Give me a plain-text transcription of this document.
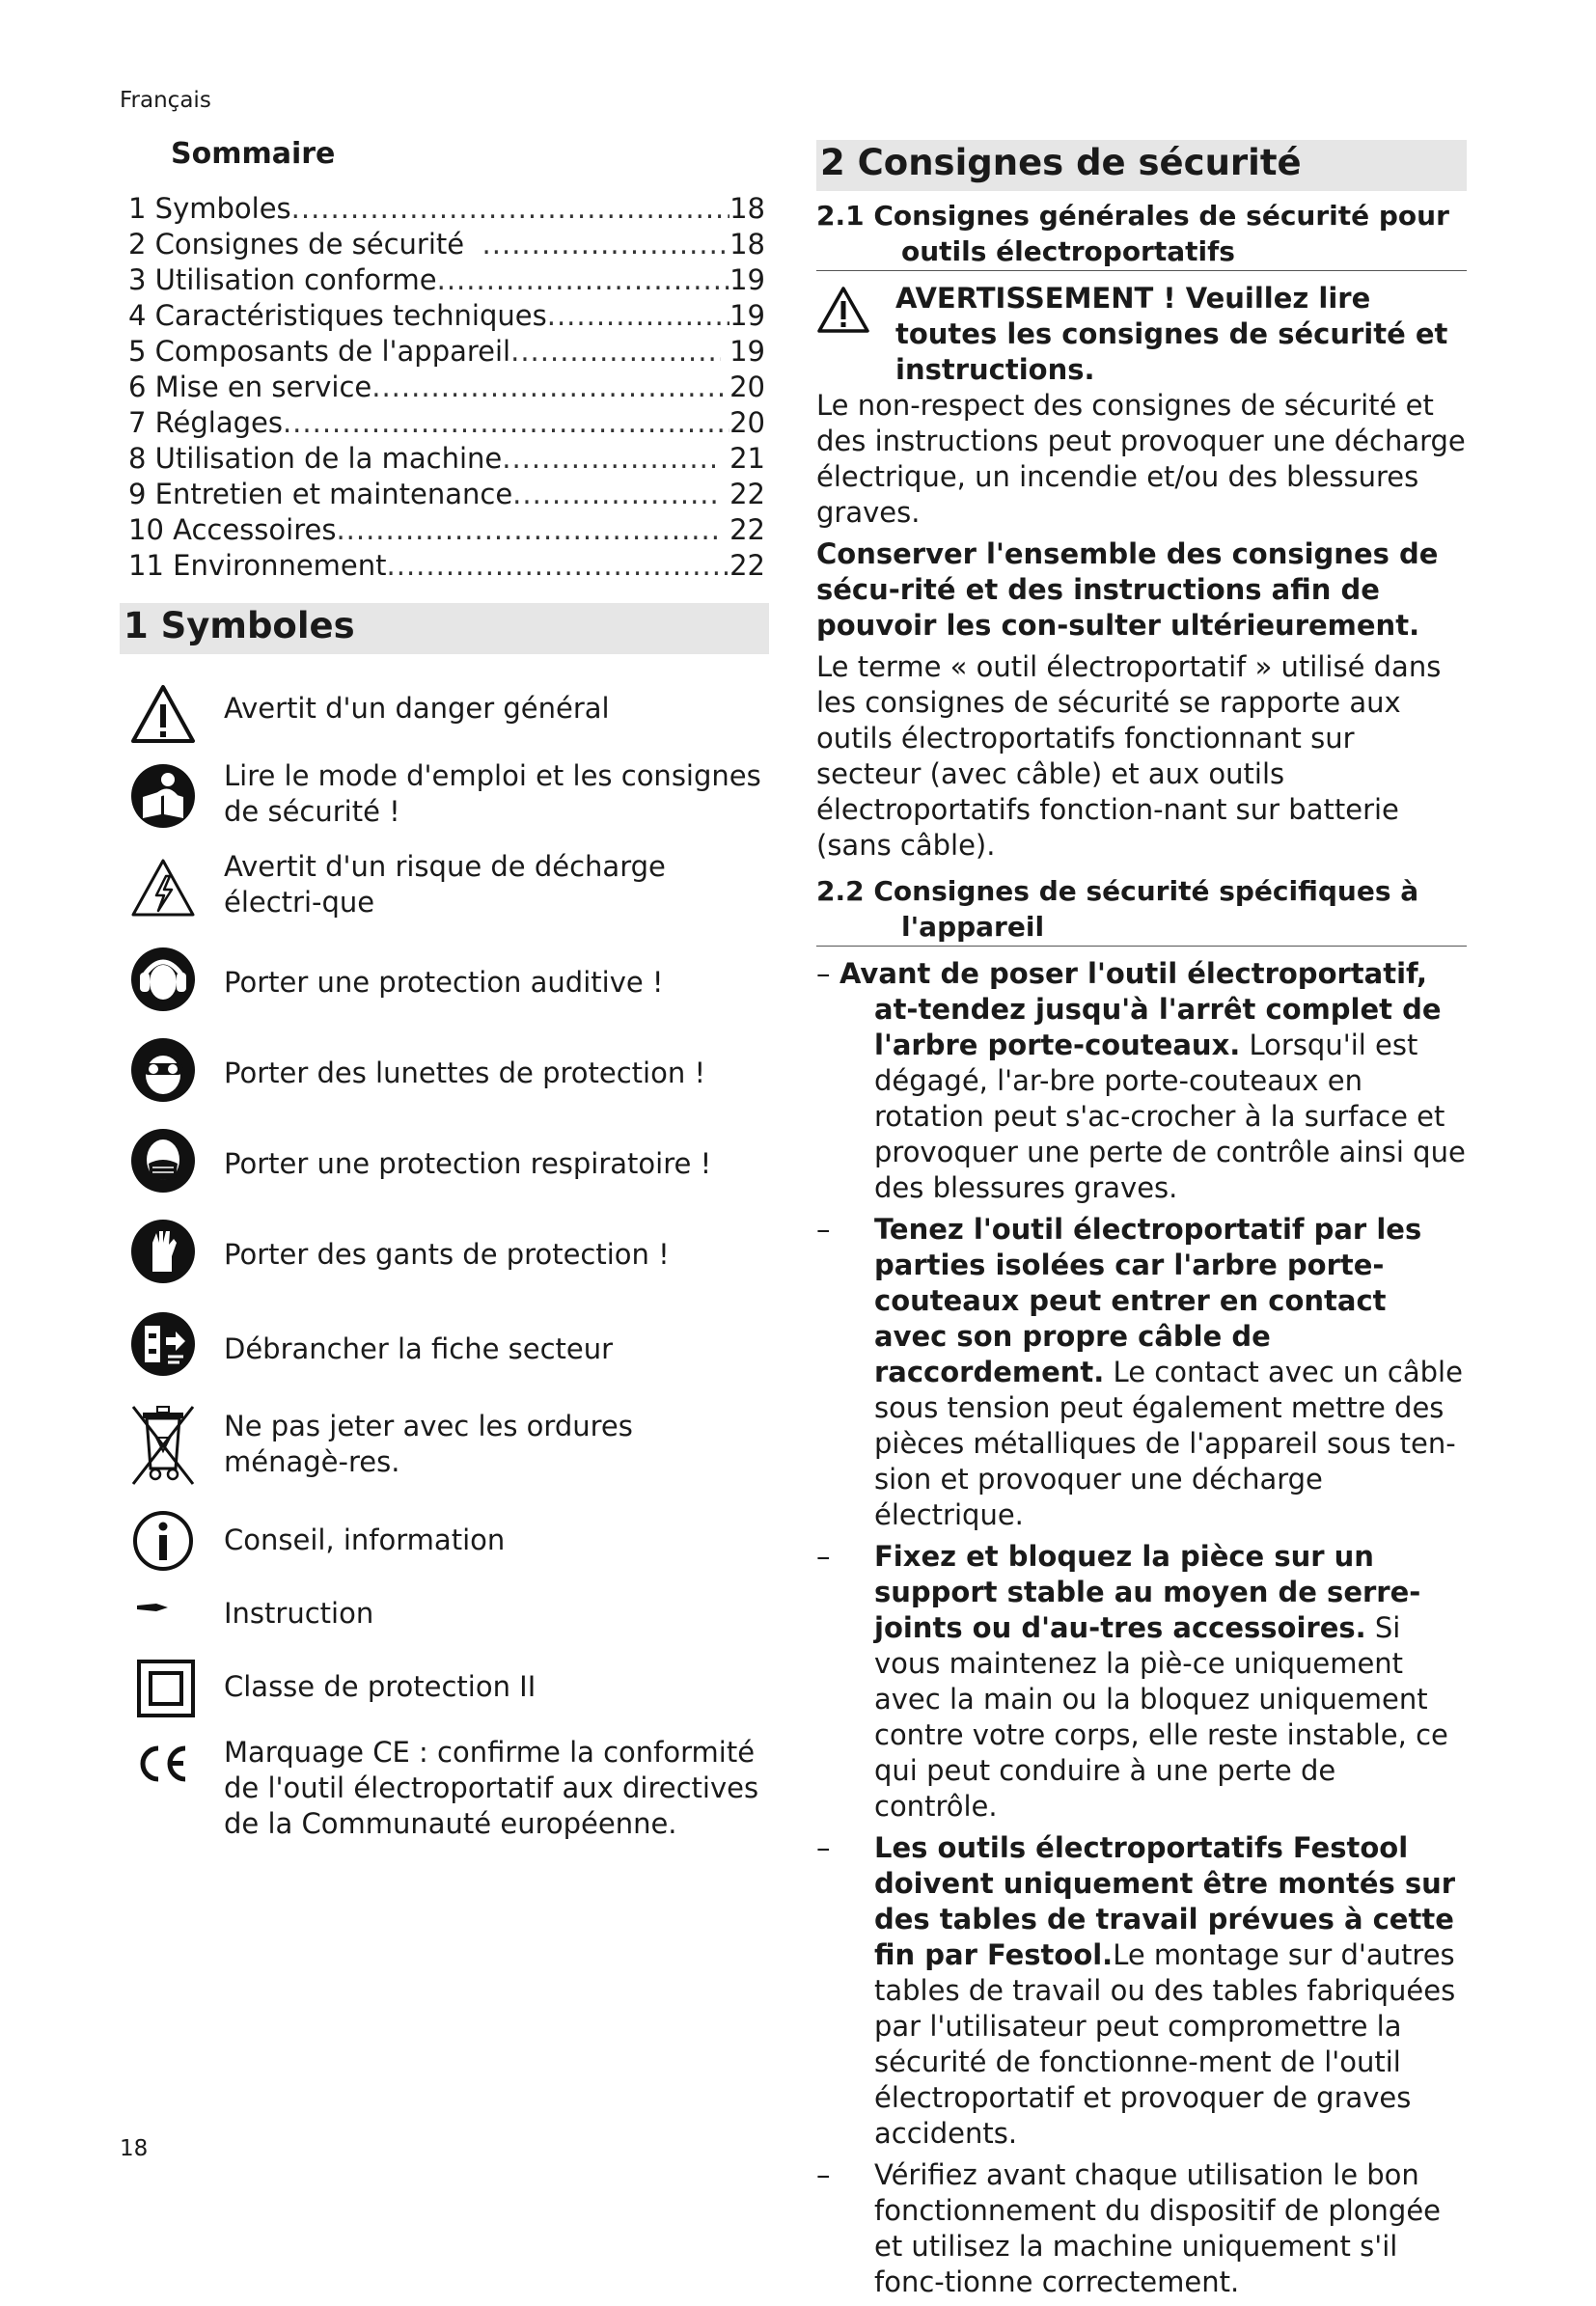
Français
Sommaire
1 Symboles .....	18
2 Consignes de sécurité .....	18
3 Utilisation conforme .....	19
4 Caractéristiques techniques .....	19
5 Composants de l'appareil .....	19
6 Mise en service .....	20
7 Réglages .....	20
8 Utilisation de la machine .....	21
9 Entretien et maintenance .....	22
10 Accessoires .....	22
11 Environnement .....	22
1 Symboles
Avertit d'un danger général
Lire le mode d'emploi et les consignes de sécurité !
Avertit d'un risque de décharge électri-que
Porter une protection auditive !
Porter des lunettes de protection !
Porter une protection respiratoire !
Porter des gants de protection !
Débrancher la fiche secteur
Ne pas jeter avec les ordures ménagè-res.
Conseil, information
Instruction
Classe de protection II
Marquage CE : confirme la conformité de l'outil électroportatif aux directives de la Communauté européenne.
2 Consignes de sécurité
2.1 Consignes générales de sécurité pour
outils électroportatifs
AVERTISSEMENT ! Veuillez lire toutes les consignes de sécurité et instructions.
Le non-respect des consignes de sécurité et des instructions peut provoquer une décharge électrique, un incendie et/ou des blessures graves.
Conserver l'ensemble des consignes de sécu-rité et des instructions afin de pouvoir les con-sulter ultérieurement.
Le terme « outil électroportatif » utilisé dans les consignes de sécurité se rapporte aux outils électroportatifs fonctionnant sur secteur (avec câble) et aux outils électroportatifs fonction-nant sur batterie (sans câble).
2.2 Consignes de sécurité spécifiques à
l'appareil
– Avant de poser l'outil électroportatif, at-tendez jusqu'à l'arrêt complet de l'arbre porte-couteaux. Lorsqu'il est dégagé, l'ar-bre porte-couteaux en rotation peut s'ac-crocher à la surface et provoquer une perte de contrôle ainsi que des blessures graves.
– Tenez l'outil électroportatif par les parties isolées car l'arbre porte-couteaux peut entrer en contact avec son propre câble de raccordement. Le contact avec un câble sous tension peut également mettre des pièces métalliques de l'appareil sous ten-sion et provoquer une décharge électrique.
– Fixez et bloquez la pièce sur un support stable au moyen de serre-joints ou d'au-tres accessoires. Si vous maintenez la piè-ce uniquement avec la main ou la bloquez uniquement contre votre corps, elle reste instable, ce qui peut conduire à une perte de contrôle.
– Les outils électroportatifs Festool doivent uniquement être montés sur des tables de travail prévues à cette fin par Festool.Le montage sur d'autres tables de travail ou des tables fabriquées par l'utilisateur peut compromettre la sécurité de fonctionne-ment de l'outil électroportatif et provoquer de graves accidents.
– Vérifiez avant chaque utilisation le bon fonctionnement du dispositif de plongée et utilisez la machine uniquement s'il fonc-tionne correctement.
18
